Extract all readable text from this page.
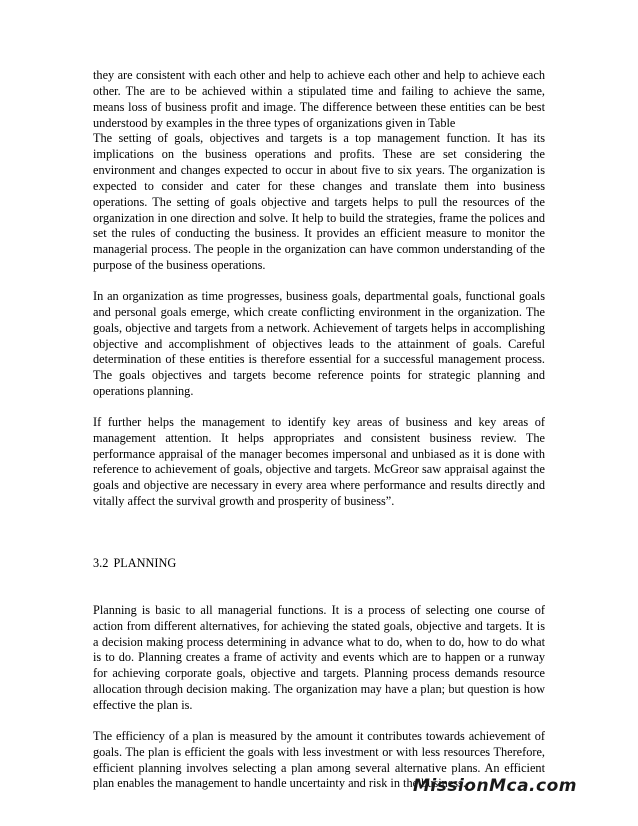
they are consistent with each other and help to achieve each other and help to achieve each other. The are to be achieved within a stipulated time and failing to achieve the same, means loss of business profit and image. The difference between these entities can be best understood by examples in the three types of organizations given in Table

The setting of goals, objectives and targets is a top management function. It has its implications on the business operations and profits. These are set considering the environment and changes expected to occur in about five to six years. The organization is expected to consider and cater for these changes and translate them into business operations. The setting of goals objective and targets helps to pull the resources of the organization in one direction and solve. It help to build the strategies, frame the polices and set the rules of conducting the business. It provides an efficient measure to monitor the managerial process. The people in the organization can have common understanding of the purpose of the business operations.

In an organization as time progresses, business goals, departmental goals, functional goals and personal goals emerge, which create conflicting environment in the organization. The goals, objective and targets from a network. Achievement of targets helps in accomplishing objective and accomplishment of objectives leads to the attainment of goals. Careful determination of these entities is therefore essential for a successful management process. The goals objectives and targets become reference points for strategic planning and operations planning.

If further helps the management to identify key areas of business and key areas of management attention. It helps appropriates and consistent business review. The performance appraisal of the manager becomes impersonal and unbiased as it is done with reference to achievement of goals, objective and targets. McGreor saw appraisal against the goals and objective are necessary in every area where performance and results directly and vitally affect the survival growth and prosperity of business”.

3.2 PLANNING

Planning is basic to all managerial functions. It is a process of selecting one course of action from different alternatives, for achieving the stated goals, objective and targets. It is a decision making process determining in advance what to do, when to do, how to do what is to do. Planning creates a frame of activity and events which are to happen or a runway for achieving corporate goals, objective and targets. Planning process demands resource allocation through decision making. The organization may have a plan; but question is how effective the plan is.

The efficiency of a plan is measured by the amount it contributes towards achievement of goals. The plan is efficient the goals with less investment or with less resources Therefore, efficient planning involves selecting a plan among several alternative plans. An efficient plan enables the management to handle uncertainty and risk in the business.

MissionMca.com
